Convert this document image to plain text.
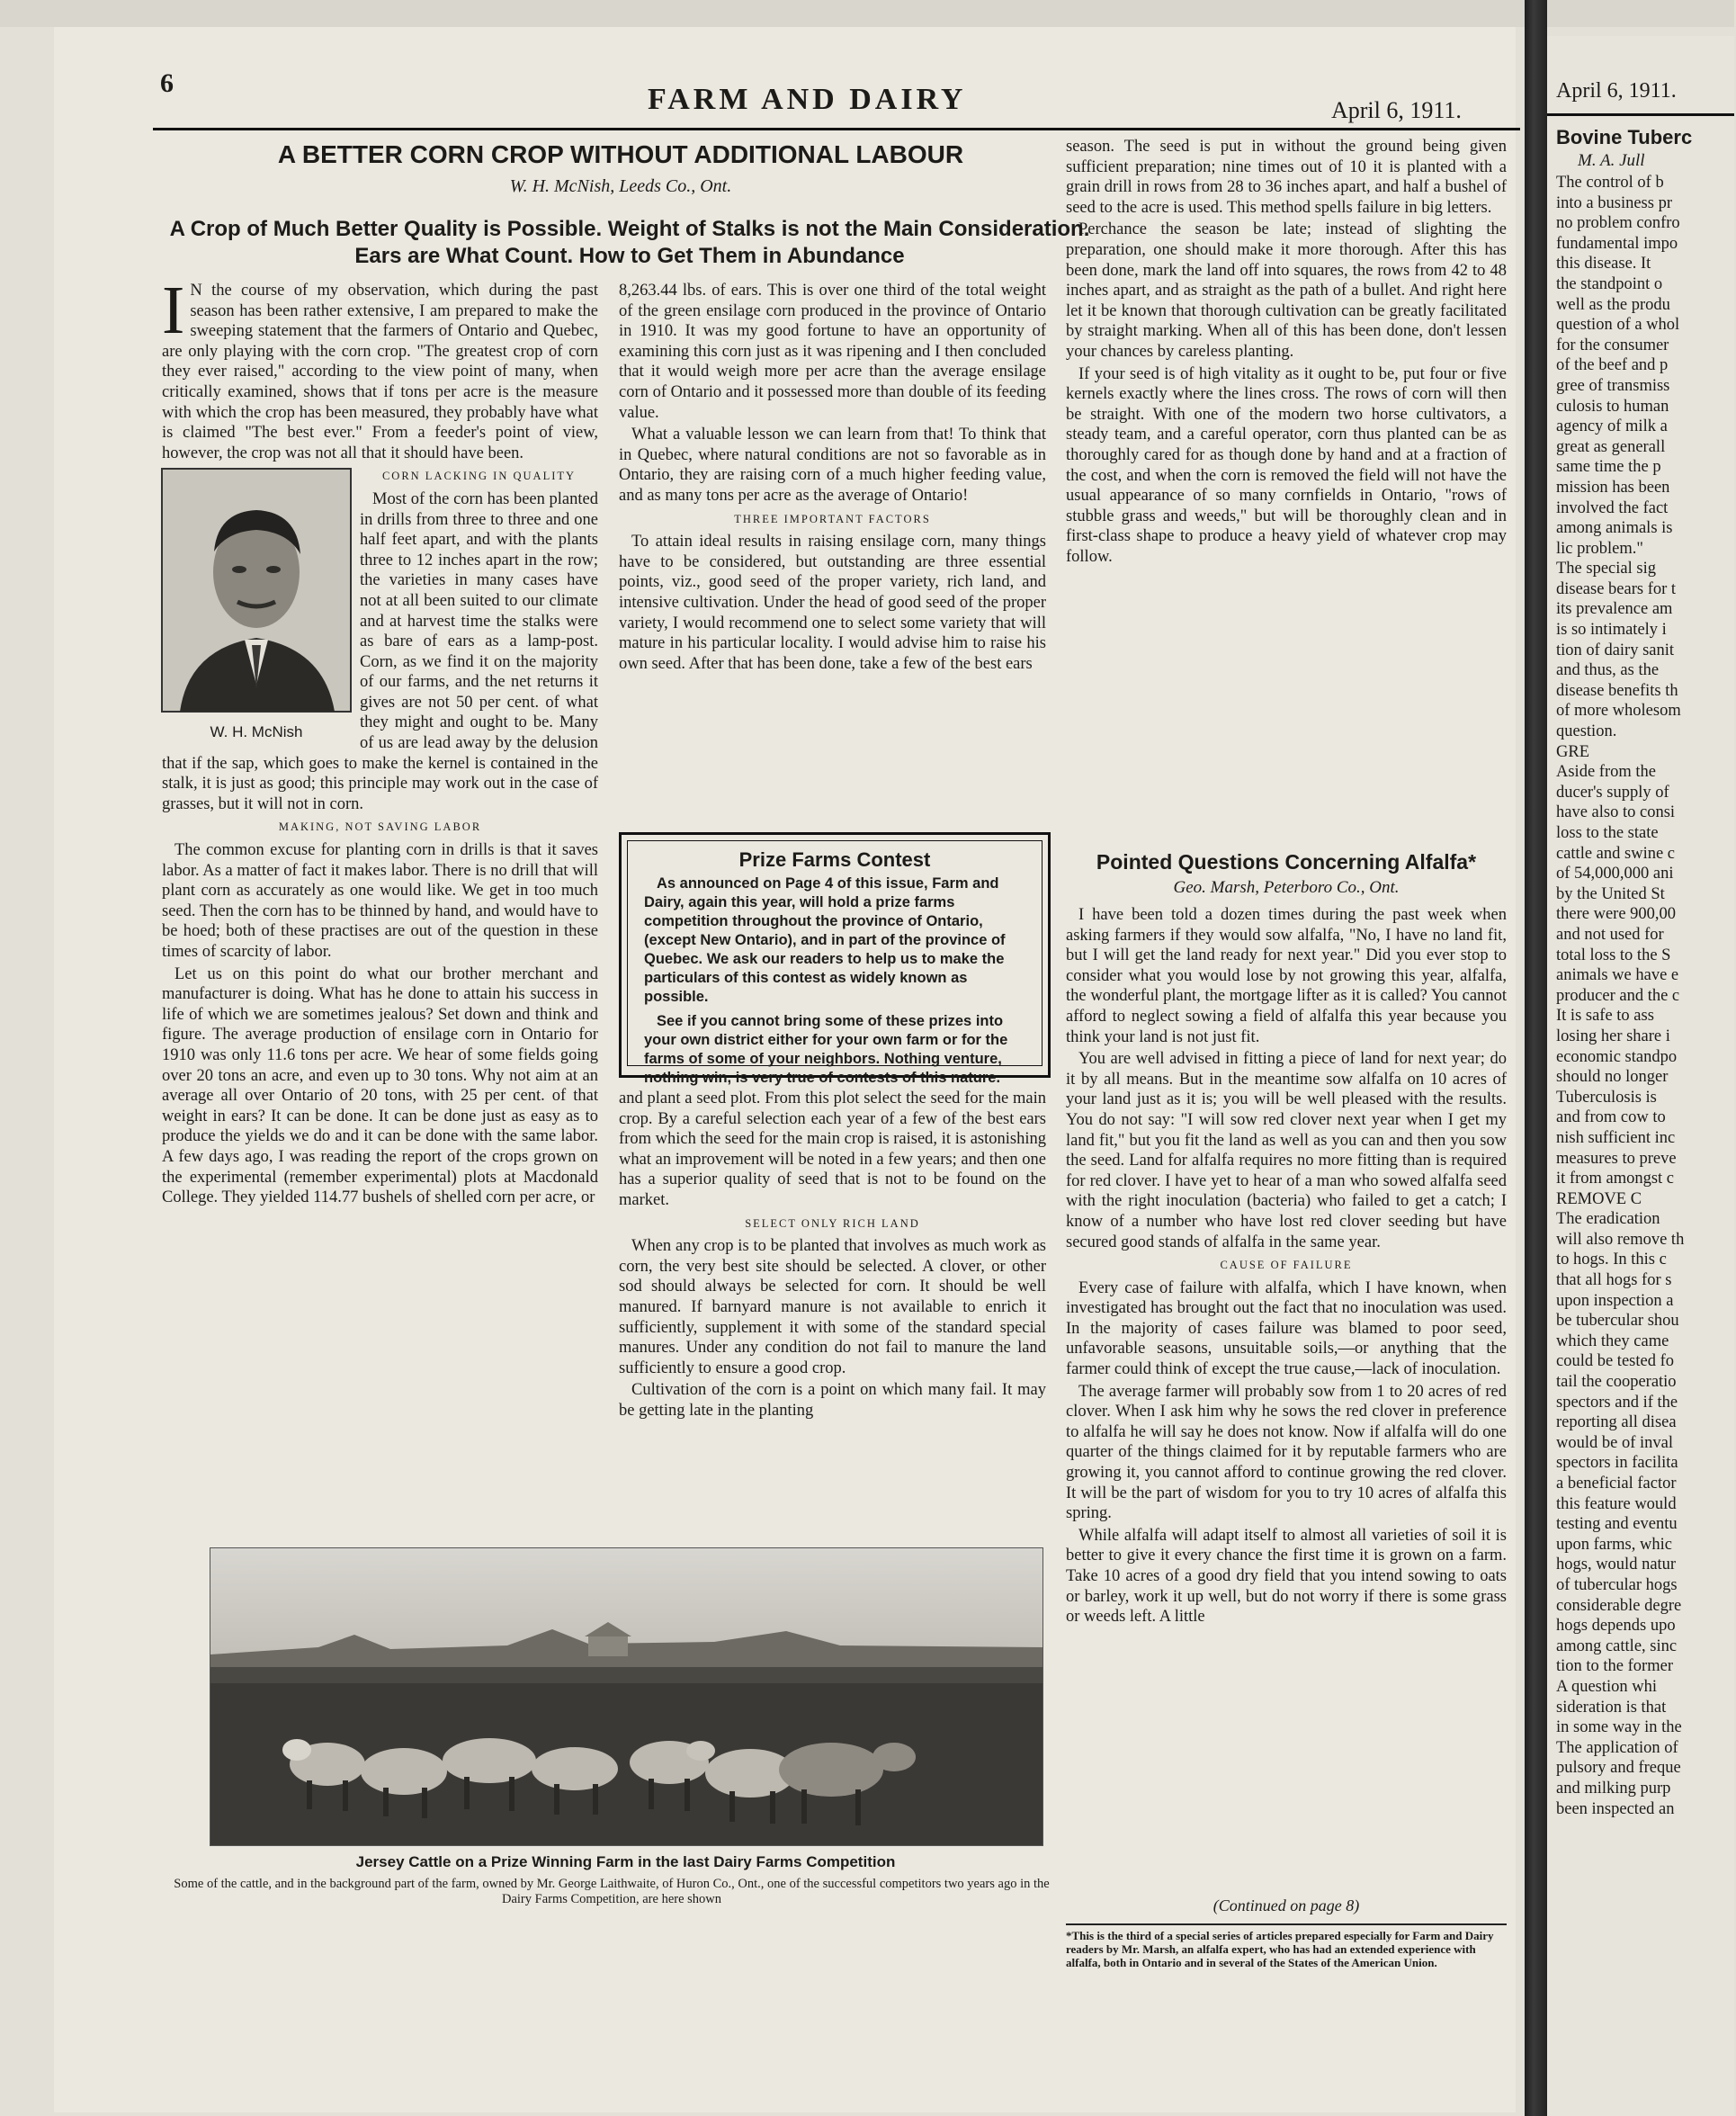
6	FARM AND DAIRY	April 6, 1911.
A BETTER CORN CROP WITHOUT ADDITIONAL LABOUR
W. H. McNish, Leeds Co., Ont.
A Crop of Much Better Quality is Possible. Weight of Stalks is not the Main Consideration.
Ears are What Count. How to Get Them in Abundance

I N the course of my observation, which during the past season has been rather extensive, I am prepared to make the sweeping statement that the farmers of Ontario and Quebec, are only playing with the corn crop. "The greatest crop of corn they ever raised," according to the view point of many, when critically examined, shows that if tons per acre is the measure with which the crop has been measured, they probably have what is claimed "The best ever." From a feeder's point of view, however, the crop was not all that it should have been.

W. H. McNish
CORN LACKING IN QUALITY

Most of the corn has been planted in drills from three to three and one half feet apart, and with the plants three to 12 inches apart in the row; the varieties in many cases have not at all been suited to our climate and at harvest time the stalks were as bare of ears as a lamp-post. Corn, as we find it on the majority of our farms, and the net returns it gives are not 50 per cent. of what they might and ought to be. Many of us are lead away by the delusion that if the sap, which goes to make the kernel is contained in the stalk, it is just as good; this principle may work out in the case of grasses, but it will not in corn.

MAKING, NOT SAVING LABOR

The common excuse for planting corn in drills is that it saves labor. As a matter of fact it makes labor. There is no drill that will plant corn as accurately as one would like. We get in too much seed. Then the corn has to be thinned by hand, and would have to be hoed; both of these practises are out of the question in these times of scarcity of labor.

Let us on this point do what our brother merchant and manufacturer is doing. What has he done to attain his success in life of which we are sometimes jealous? Set down and think and figure. The average production of ensilage corn in Ontario for 1910 was only 11.6 tons per acre. We hear of some fields going over 20 tons an acre, and even up to 30 tons. Why not aim at an average all over Ontario of 20 tons, with 25 per cent. of that weight in ears? It can be done. It can be done just as easy as to produce the yields we do and it can be done with the same labor. A few days ago, I was reading the report of the crops grown on the experimental (remember experimental) plots at Macdonald College. They yielded 114.77 bushels of shelled corn per acre, or

8,263.44 lbs. of ears. This is over one third of the total weight of the green ensilage corn produced in the province of Ontario in 1910. It was my good fortune to have an opportunity of examining this corn just as it was ripening and I then concluded that it would weigh more per acre than the average ensilage corn of Ontario and it possessed more than double of its feeding value.

What a valuable lesson we can learn from that! To think that in Quebec, where natural conditions are not so favorable as in Ontario, they are raising corn of a much higher feeding value, and as many tons per acre as the average of Ontario!

THREE IMPORTANT FACTORS

To attain ideal results in raising ensilage corn, many things have to be considered, but outstanding are three essential points, viz., good seed of the proper variety, rich land, and intensive cultivation. Under the head of good seed of the proper variety, I would recommend one to select some variety that will mature in his particular locality. I would advise him to raise his own seed. After that has been done, take a few of the best ears

Prize Farms Contest

As announced on Page 4 of this issue, Farm and Dairy, again this year, will hold a prize farms competition throughout the province of Ontario, (except New Ontario), and in part of the province of Quebec. We ask our readers to help us to make the particulars of this contest as widely known as possible.

See if you cannot bring some of these prizes into your own district either for your own farm or for the farms of some of your neighbors. Nothing venture, nothing win, is very true of contests of this nature.

and plant a seed plot. From this plot select the seed for the main crop. By a careful selection each year of a few of the best ears from which the seed for the main crop is raised, it is astonishing what an improvement will be noted in a few years; and then one has a superior quality of seed that is not to be found on the market.

SELECT ONLY RICH LAND

When any crop is to be planted that involves as much work as corn, the very best site should be selected. A clover, or other sod should always be selected for corn. It should be well manured. If barnyard manure is not available to enrich it sufficiently, supplement it with some of the standard special manures. Under any condition do not fail to manure the land sufficiently to ensure a good crop.

Cultivation of the corn is a point on which many fail. It may be getting late in the planting

season. The seed is put in without the ground being given sufficient preparation; nine times out of 10 it is planted with a grain drill in rows from 28 to 36 inches apart, and half a bushel of seed to the acre is used. This method spells failure in big letters.

Perchance the season be late; instead of slighting the preparation, one should make it more thorough. After this has been done, mark the land off into squares, the rows from 42 to 48 inches apart, and as straight as the path of a bullet. And right here let it be known that thorough cultivation can be greatly facilitated by straight marking. When all of this has been done, don't lessen your chances by careless planting.

If your seed is of high vitality as it ought to be, put four or five kernels exactly where the lines cross. The rows of corn will then be straight. With one of the modern two horse cultivators, a steady team, and a careful operator, corn thus planted can be as thoroughly cared for as though done by hand and at a fraction of the cost, and when the corn is removed the field will not have the usual appearance of so many cornfields in Ontario, "rows of stubble grass and weeds," but will be thoroughly clean and in first-class shape to produce a heavy yield of whatever crop may follow.

Pointed Questions Concerning Alfalfa*
Geo. Marsh, Peterboro Co., Ont.

I have been told a dozen times during the past week when asking farmers if they would sow alfalfa, "No, I have no land fit, but I will get the land ready for next year." Did you ever stop to consider what you would lose by not growing this year, alfalfa, the wonderful plant, the mortgage lifter as it is called? You cannot afford to neglect sowing a field of alfalfa this year because you think your land is not just fit.

You are well advised in fitting a piece of land for next year; do it by all means. But in the meantime sow alfalfa on 10 acres of your land just as it is; you will be well pleased with the results. You do not say: "I will sow red clover next year when I get my land fit," but you fit the land as well as you can and then you sow the seed. Land for alfalfa requires no more fitting than is required for red clover. I have yet to hear of a man who sowed alfalfa seed with the right inoculation (bacteria) who failed to get a catch; I know of a number who have lost red clover seeding but have secured good stands of alfalfa in the same year.

CAUSE OF FAILURE

Every case of failure with alfalfa, which I have known, when investigated has brought out the fact that no inoculation was used. In the majority of cases failure was blamed to poor seed, unfavorable seasons, unsuitable soils,—or anything that the farmer could think of except the true cause,—lack of inoculation.

The average farmer will probably sow from 1 to 20 acres of red clover. When I ask him why he sows the red clover in preference to alfalfa he will say he does not know. Now if alfalfa will do one quarter of the things claimed for it by reputable farmers who are growing it, you cannot afford to continue growing the red clover. It will be the part of wisdom for you to try 10 acres of alfalfa this spring.

While alfalfa will adapt itself to almost all varieties of soil it is better to give it every chance the first time it is grown on a farm. Take 10 acres of a good dry field that you intend sowing to oats or barley, work it up well, but do not worry if there is some grass or weeds left. A little

(Continued on page 8)
*This is the third of a special series of articles prepared especially for Farm and Dairy readers by Mr. Marsh, an alfalfa expert, who has had an extended experience with alfalfa, both in Ontario and in several of the States of the American Union.
Jersey Cattle on a Prize Winning Farm in the last Dairy Farms Competition
Some of the cattle, and in the background part of the farm, owned by Mr. George Laithwaite, of Huron Co., Ont., one of the successful competitors two years ago in the Dairy Farms Competition, are here shown
April 6, 1911.
Bovine Tuberc
M. A. Jull
The control of b
into a business pr
no problem confro
fundamental impo
this disease. It
the standpoint o
well as the produ
question of a whol
for the consumer
of the beef and p
gree of transmiss
culosis to human
agency of milk a
great as generall
same time the p
mission has been
involved the fact
among animals is
lic problem."
The special sig
disease bears for t
its prevalence am
is so intimately i
tion of dairy sanit
and thus, as the
disease benefits th
of more wholesom
question.
GRE
Aside from the
ducer's supply of
have also to consi
loss to the state
cattle and swine c
of 54,000,000 ani
by the United St
there were 900,00
and not used for
total loss to the S
animals we have e
producer and the c
It is safe to ass
losing her share i
economic standpo
should no longer
Tuberculosis is
and from cow to
nish sufficient inc
measures to preve
it from amongst c
REMOVE C
The eradication
will also remove th
to hogs. In this c
that all hogs for s
upon inspection a
be tubercular shou
which they came
could be tested fo
tail the cooperatio
spectors and if the
reporting all disea
would be of inval
spectors in facilita
a beneficial factor
this feature would
testing and eventu
upon farms, whic
hogs, would natur
of tubercular hogs
considerable degre
hogs depends upo
among cattle, sinc
tion to the former
A question whi
sideration is that
in some way in the
The application of
pulsory and freque
and milking purp
been inspected an
